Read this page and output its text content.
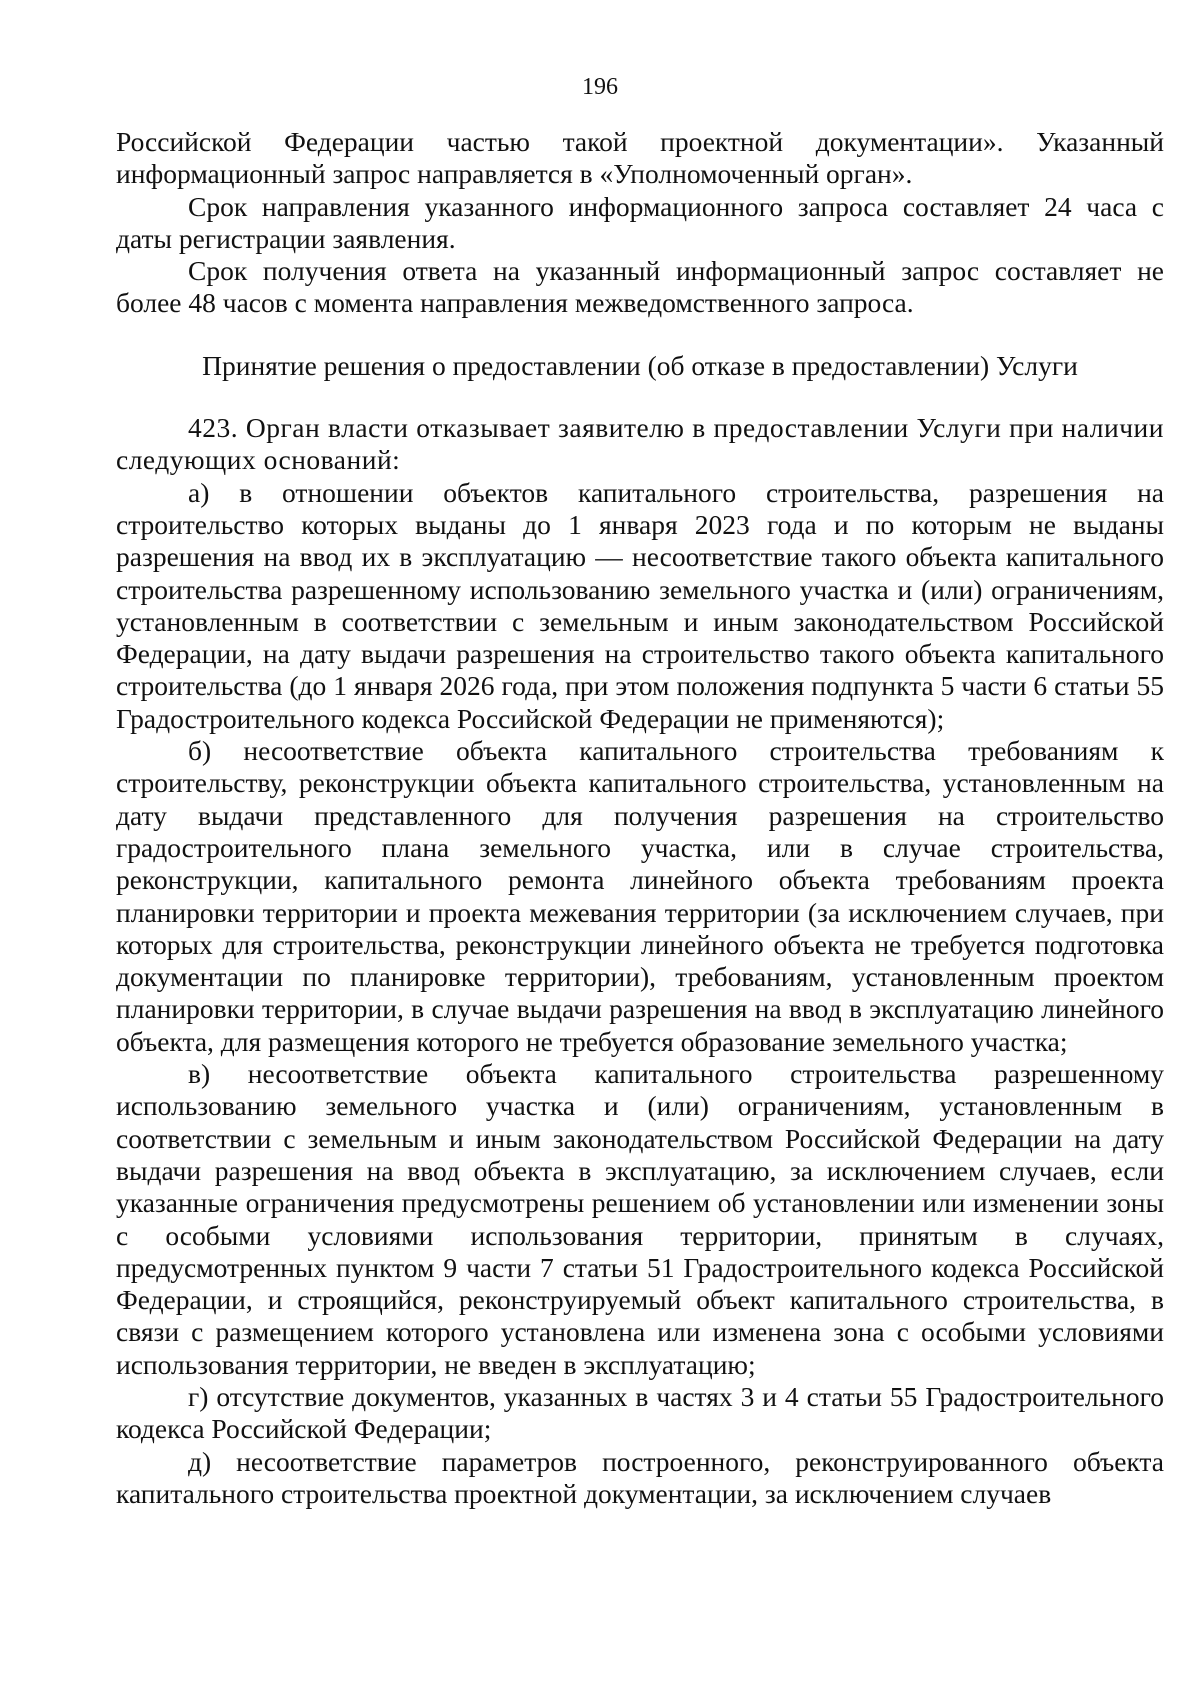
196

Российской Федерации частью такой проектной документации». Указанный информационный запрос направляется в «Уполномоченный орган».

Срок направления указанного информационного запроса составляет 24 часа с даты регистрации заявления.

Срок получения ответа на указанный информационный запрос составляет не более 48 часов с момента направления межведомственного запроса.

Принятие решения о предоставлении (об отказе в предоставлении) Услуги

423. Орган власти отказывает заявителю в предоставлении Услуги при наличии следующих оснований:

а) в отношении объектов капитального строительства, разрешения на строительство которых выданы до 1 января 2023 года и по которым не выданы разрешения на ввод их в эксплуатацию — несоответствие такого объекта капитального строительства разрешенному использованию земельного участка и (или) ограничениям, установленным в соответствии с земельным и иным законодательством Российской Федерации, на дату выдачи разрешения на строительство такого объекта капитального строительства (до 1 января 2026 года, при этом положения подпункта 5 части 6 статьи 55 Градостроительного кодекса Российской Федерации не применяются);

б) несоответствие объекта капитального строительства требованиям к строительству, реконструкции объекта капитального строительства, установленным на дату выдачи представленного для получения разрешения на строительство градостроительного плана земельного участка, или в случае строительства, реконструкции, капитального ремонта линейного объекта требованиям проекта планировки территории и проекта межевания территории (за исключением случаев, при которых для строительства, реконструкции линейного объекта не требуется подготовка документации по планировке территории), требованиям, установленным проектом планировки территории, в случае выдачи разрешения на ввод в эксплуатацию линейного объекта, для размещения которого не требуется образование земельного участка;

в) несоответствие объекта капитального строительства разрешенному использованию земельного участка и (или) ограничениям, установленным в соответствии с земельным и иным законодательством Российской Федерации на дату выдачи разрешения на ввод объекта в эксплуатацию, за исключением случаев, если указанные ограничения предусмотрены решением об установлении или изменении зоны с особыми условиями использования территории, принятым в случаях, предусмотренных пунктом 9 части 7 статьи 51 Градостроительного кодекса Российской Федерации, и строящийся, реконструируемый объект капитального строительства, в связи с размещением которого установлена или изменена зона с особыми условиями использования территории, не введен в эксплуатацию;

г) отсутствие документов, указанных в частях 3 и 4 статьи 55 Градостроительного кодекса Российской Федерации;

д) несоответствие параметров построенного, реконструированного объекта капитального строительства проектной документации, за исключением случаев
